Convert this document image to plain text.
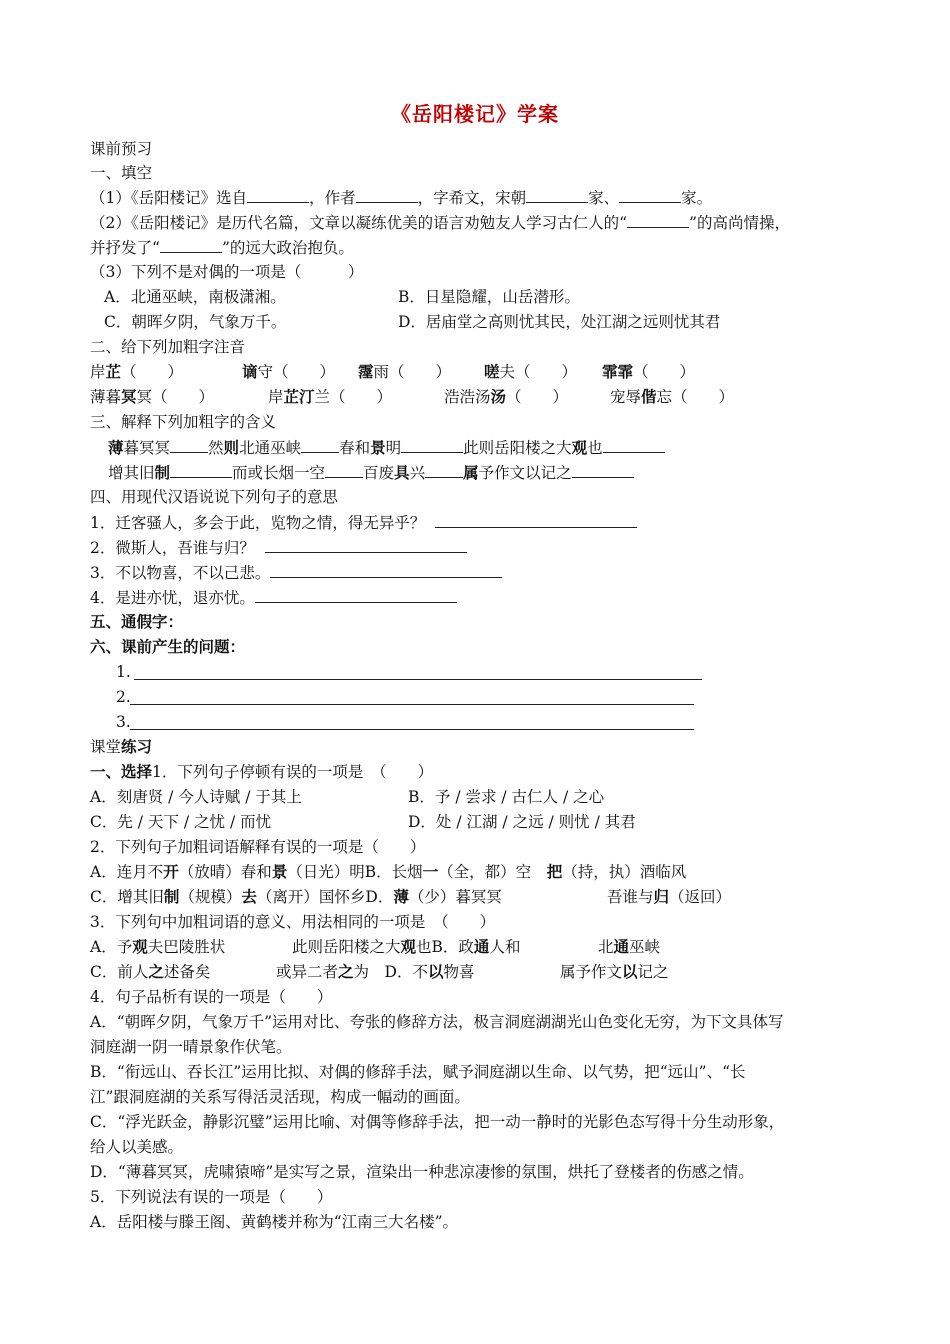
《岳阳楼记》学案
课前预习
一、填空
（1）《岳阳楼记》选自	，作者	，字希文，宋朝	家、	家。
（2）《岳阳楼记》是历代名篇，文章以凝练优美的语言劝勉友人学习古仁人的“	”的高尚情操，
并抒发了“	”的远大政治抱负。
（3）下列不是对偶的一项是（　　　）
A．北通巫峡，南极潇湘。	B．日星隐耀，山岳潜形。
C．朝晖夕阴，气象万千。	D．居庙堂之高则忧其民，处江湖之远则忧其君
二、给下列加粗字注音
岸芷（　　）	谪守（　　） 霪雨（　　） 嗟夫（　　） 霏霏（　　）
薄暮冥冥（　　）	岸芷汀兰（　　）	浩浩汤汤（　　）	宠辱偕忘（　　）
三、解释下列加粗字的含义
薄暮冥冥 然则北通巫峡 春和景明	此则岳阳楼之大观也
增其旧制	而或长烟一空 百废具兴 属予作文以记之
四、用现代汉语说说下列句子的意思
1．迁客骚人，多会于此，览物之情，得无异乎？
2．微斯人，吾谁与归？
3．不以物喜，不以己悲。
4．是进亦忧，退亦忧。
五、通假字：
六、课前产生的问题：
1.
2.
3.
课堂练习
一、选择1．下列句子停顿有误的一项是　（　　）
A．刻唐贤 / 今人诗赋 / 于其上	B．予 / 尝求 / 古仁人 / 之心
C．先 / 天下 / 之忧 / 而忧	D．处 / 江湖 / 之远 / 则忧 / 其君
2．下列句子加粗词语解释有误的一项是（　　）
A．连月不开（放晴）春和景（日光）明B．长烟一（全，都）空　把（持，执）酒临风
C．增其旧制（规模）去（离开）国怀乡D．薄（少）暮冥冥	吾谁与归（返回）
3．下列句中加粗词语的意义、用法相同的一项是　（　　）
A．予观夫巴陵胜状	此则岳阳楼之大观也B．政通人和	北通巫峡
C．前人之述备矣	或异二者之为　D．不以物喜	属予作文以记之
4．句子品析有误的一项是（　　）
A．“朝晖夕阴，气象万千”运用对比、夸张的修辞方法，极言洞庭湖湖光山色变化无穷，为下文具体写
洞庭湖一阴一晴景象作伏笔。
B．“衔远山、吞长江”运用比拟、对偶的修辞手法，赋予洞庭湖以生命、以气势，把“远山”、“长
江”跟洞庭湖的关系写得活灵活现，构成一幅动的画面。
C．“浮光跃金，静影沉璧”运用比喻、对偶等修辞手法，把一动一静时的光影色态写得十分生动形象，
给人以美感。
D．“薄暮冥冥，虎啸猿啼”是实写之景，渲染出一种悲凉凄惨的氛围，烘托了登楼者的伤感之情。
5．下列说法有误的一项是（　　）
A．岳阳楼与滕王阁、黄鹤楼并称为“江南三大名楼”。
